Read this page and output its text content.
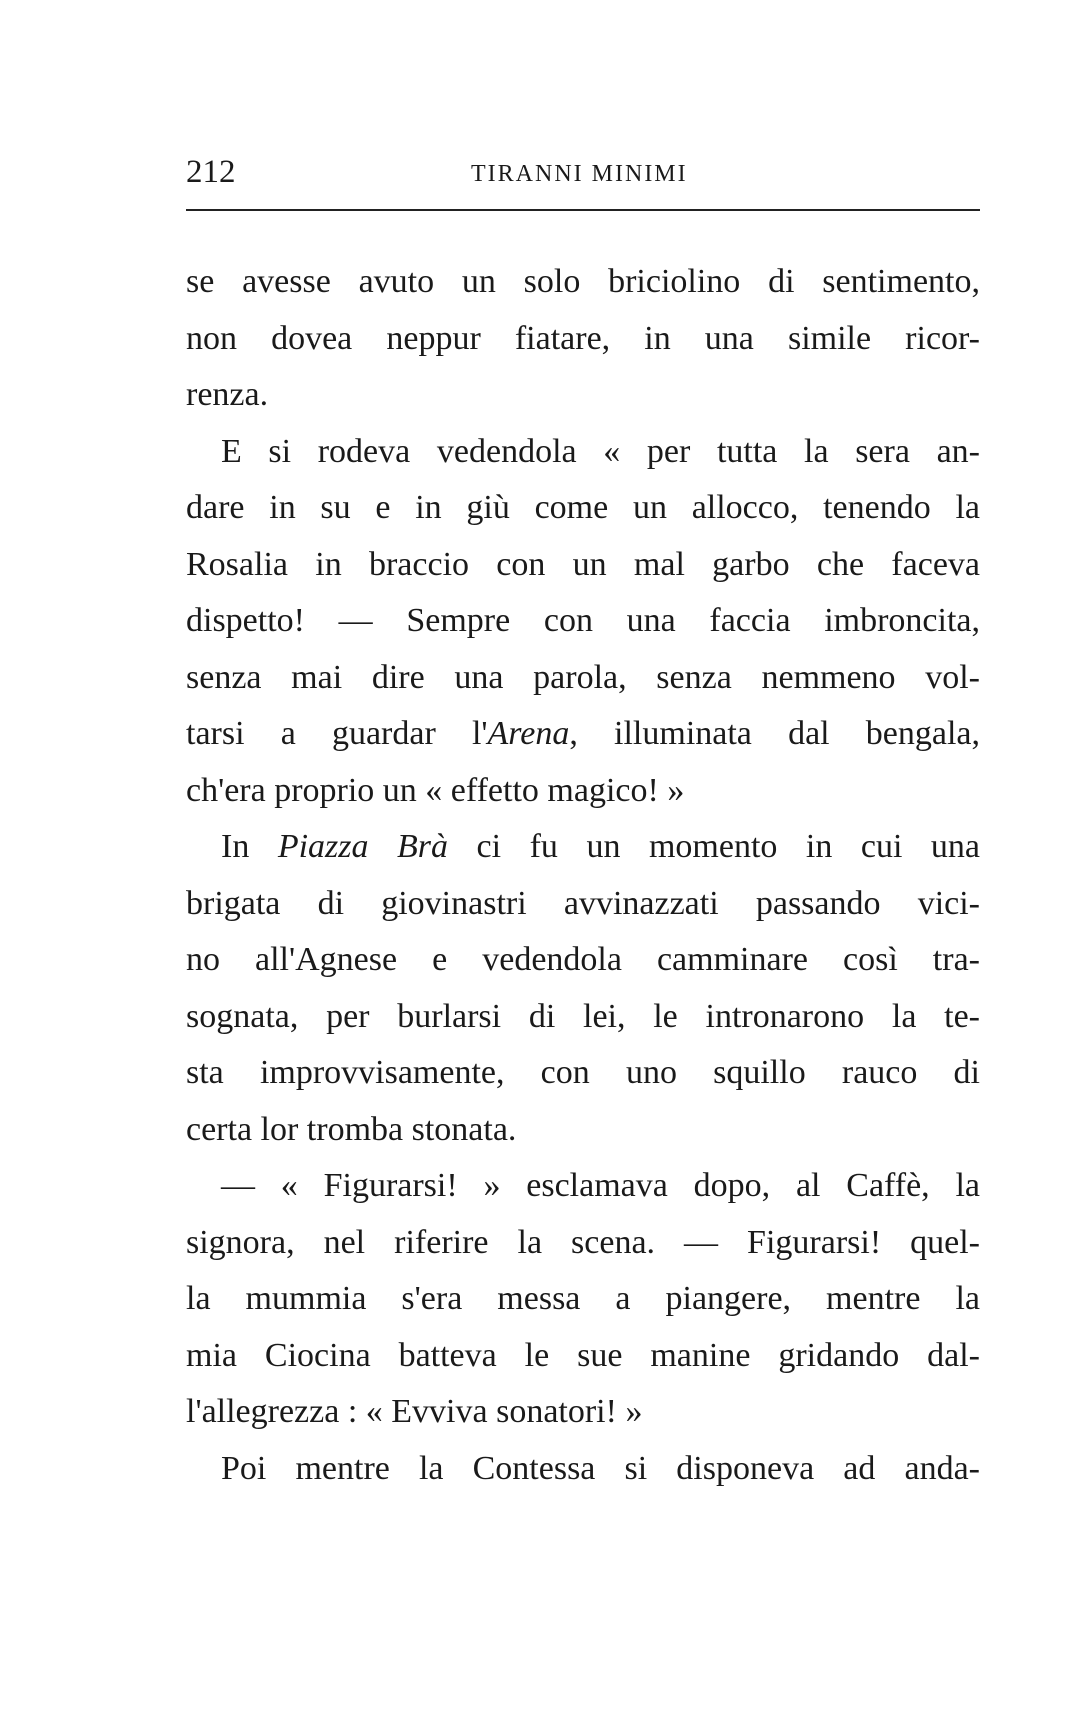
212	TIRANNI MINIMI
se avesse avuto un solo briciolino di sentimento,
non dovea neppur fiatare, in una simile ricor-
renza.
E si rodeva vedendola « per tutta la sera an-
dare in su e in giù come un allocco, tenendo la
Rosalia in braccio con un mal garbo che faceva
dispetto! — Sempre con una faccia imbroncita,
senza mai dire una parola, senza nemmeno vol-
tarsi a guardar l'Arena, illuminata dal bengala,
ch'era proprio un « effetto magico! »
In Piazza Brà ci fu un momento in cui una
brigata di giovinastri avvinazzati passando vici-
no all'Agnese e vedendola camminare così tra-
sognata, per burlarsi di lei, le intronarono la te-
sta improvvisamente, con uno squillo rauco di
certa lor tromba stonata.
— « Figurarsi! » esclamava dopo, al Caffè, la
signora, nel riferire la scena. — Figurarsi! quel-
la mummia s'era messa a piangere, mentre la
mia Ciocina batteva le sue manine gridando dal-
l'allegrezza : « Evviva sonatori! »
Poi mentre la Contessa si disponeva ad anda-
